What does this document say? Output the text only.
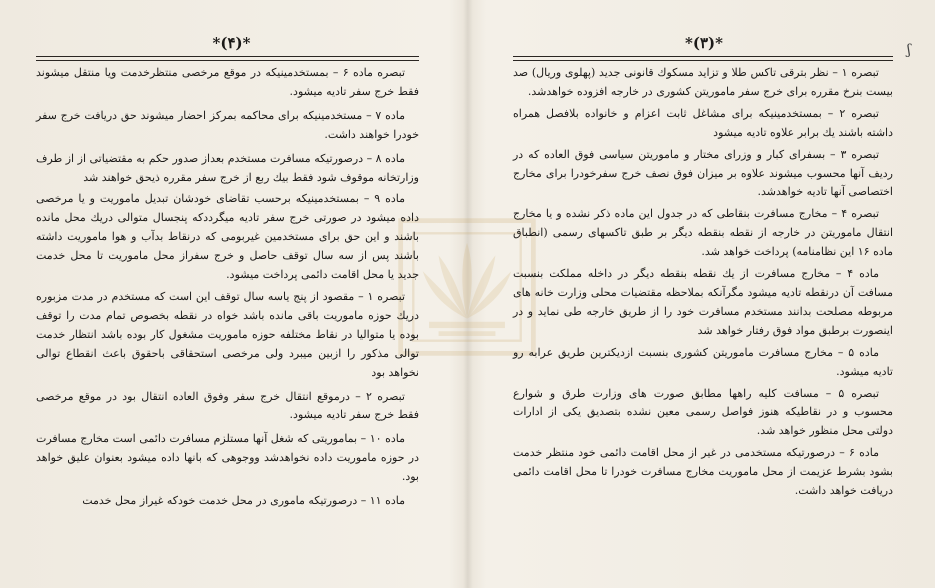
*(۴)*

تبصره ماده ۶ – بمستخدمینیکه در موقع مرخصی منتظرخدمت ویا منتقل میشوند فقط خرج سفر تادیه میشود.

ماده ۷ – مستخدمینیکه برای محاکمه بمرکز احضار میشوند حق دریافت خرج سفر خودرا خواهند داشت.

ماده ۸ – درصورتیکه مسافرت مستخدم بعداز صدور حکم به مقتضیاتی از از طرف وزارتخانه موقوف شود فقط بیك ربع از خرج سفر مقرره ذیحق خواهند شد

ماده ۹ – بمستخدمینیکه برحسب تقاضای خودشان تبدیل ماموریت و یا مرخصی داده میشود در صورتی خرج سفر تادیه میگرددکه پنجسال متوالی دریك محل مانده باشند و این حق برای مستخدمین غیربومی که درنقاط بدآب و هوا ماموریت داشته باشند پس از سه سال توقف حاصل و خرج سفراز محل ماموریت تا محل خدمت جدید یا محل اقامت دائمی پرداخت میشود.

تبصره ۱ – مقصود از پنج یاسه سال توقف این است که مستخدم در مدت مزبوره دریك حوزه ماموریت باقی مانده باشد خواه در نقطه بخصوص تمام مدت را توقف بوده یا متوالیا در نقاط مختلفه حوزه ماموریت مشغول کار بوده باشد انتظار خدمت توالی مذکور را ازبین میبرد ولی مرخصی استحقاقی باحقوق باعث انقطاع توالی نخواهد بود

تبصره ۲ – درموقع انتقال خرج سفر وفوق العاده انتقال بود در موقع مرخصی فقط خرج سفر تادیه میشود.

ماده ۱۰ – بماموریتی که شغل آنها مستلزم مسافرت دائمی است مخارج مسافرت در حوزه ماموریت داده نخواهدشد ووجوهی که بانها داده میشود بعنوان علیق خواهد بود.

ماده ۱۱ – درصورتیکه ماموری در محل خدمت خودکه غیراز محل خدمت

*(۳)*

تبصره ۱ – نظر بترقی تاکس طلا و تزاید مسکوك قانونی جدید (پهلوی وریال) صد بیست بنرخ مقرره برای خرج سفر ماموریتن کشوری در خارجه افزوده خواهدشد.

تبصره ۲ – بمستخدمینیکه برای مشاغل ثابت اعزام و خانواده بلافصل همراه داشته باشند یك برابر علاوه تادیه میشود

تبصره ۳ – بسفرای کبار و وزرای مختار و ماموریتن سیاسی فوق العاده که در ردیف آنها محسوب میشوند علاوه بر میزان فوق نصف خرج سفرخودرا برای مخارج اختصاصی آنها تادیه خواهدشد.

تبصره ۴ – مخارج مسافرت بنقاطی که در جدول این ماده ذکر نشده و یا مخارج انتقال ماموریتن در خارجه از نقطه بنقطه دیگر بر طبق تاکسهای رسمی (انطباق ماده ۱۶ این نظامنامه) پرداخت خواهد شد.

ماده ۴ – مخارج مسافرت از یك نقطه بنقطه دیگر در داخله مملکت بنسبت مسافت آن درنقطه تادیه میشود مگرآنکه بملاحظه مقتضیات محلی وزارت خانه های مربوطه مصلحت بدانند مستخدم مسافرت خود را از طریق خارجه طی نماید و در اینصورت برطبق مواد فوق رفتار خواهد شد

ماده ۵ – مخارج مسافرت ماموریتن کشوری بنسبت ازدیکترین طریق عرابه رو تادیه میشود.

تبصره ۵ – مسافت کلیه راهها مطابق صورت های وزارت طرق و شوارع محسوب و در نقاطیکه هنوز فواصل رسمی معین نشده بتصدیق یکی از ادارات دولتی محل منظور خواهد شد.

ماده ۶ – درصورتیکه مستخدمی در غیر از محل اقامت دائمی خود منتظر خدمت بشود بشرط عزیمت از محل ماموریت مخارج مسافرت خودرا تا محل اقامت دائمی دریافت خواهد داشت.

ʃ
